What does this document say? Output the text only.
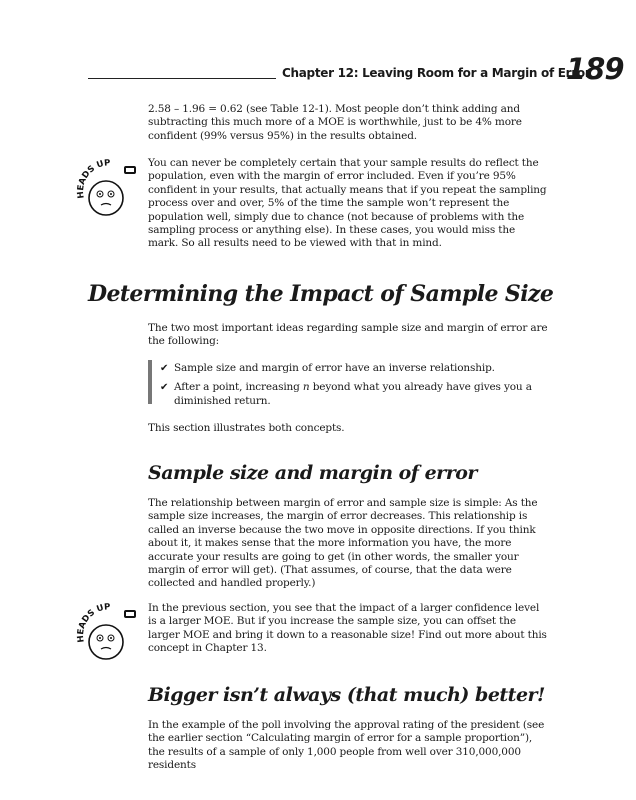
Chapter 12: Leaving Room for a Margin of Error
189

2.58 – 1.96 = 0.62 (see Table 12-1). Most people don’t think adding and subtracting this much more of a MOE is worthwhile, just to be 4% more confident (99% versus 95%) in the results obtained.

HEADS UP	You can never be completely certain that your sample results do reflect the population, even with the margin of error included. Even if you’re 95% confident in your results, that actually means that if you repeat the sampling process over and over, 5% of the time the sample won’t represent the population well, simply due to chance (not because of problems with the sampling process or anything else). In these cases, you would miss the mark. So all results need to be viewed with that in mind.

Determining the Impact of Sample Size

The two most important ideas regarding sample size and margin of error are the following:

✔ Sample size and margin of error have an inverse relationship.
✔ After a point, increasing n beyond what you already have gives you a diminished return.

This section illustrates both concepts.

Sample size and margin of error

The relationship between margin of error and sample size is simple: As the sample size increases, the margin of error decreases. This relationship is called an inverse because the two move in opposite directions. If you think about it, it makes sense that the more information you have, the more accurate your results are going to get (in other words, the smaller your margin of error will get). (That assumes, of course, that the data were collected and handled properly.)

HEADS UP	In the previous section, you see that the impact of a larger confidence level is a larger MOE. But if you increase the sample size, you can offset the larger MOE and bring it down to a reasonable size! Find out more about this concept in Chapter 13.

Bigger isn’t always (that much) better!

In the example of the poll involving the approval rating of the president (see the earlier section “Calculating margin of error for a sample proportion”), the results of a sample of only 1,000 people from well over 310,000,000 residents
